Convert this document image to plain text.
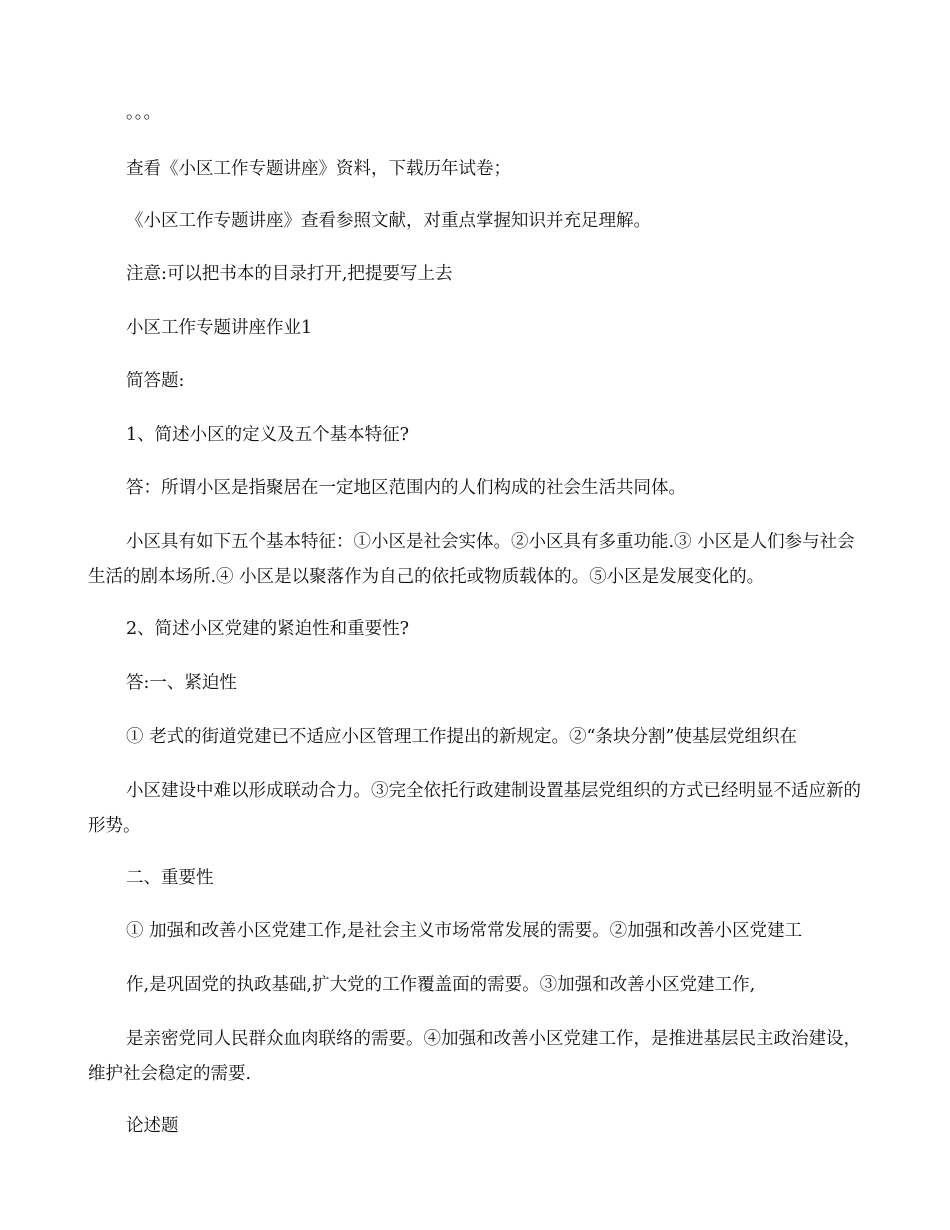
。。。

查看《小区工作专题讲座》资料，下载历年试卷；

《小区工作专题讲座》查看参照文献，对重点掌握知识并充足理解。

注意:可以把书本的目录打开,把提要写上去

小区工作专题讲座作业1

简答题:

1、简述小区的定义及五个基本特征?

答：所谓小区是指聚居在一定地区范围内的人们构成的社会生活共同体。

小区具有如下五个基本特征：①小区是社会实体。②小区具有多重功能.③ 小区是人们参与社会生活的剧本场所.④ 小区是以聚落作为自己的依托或物质载体的。⑤小区是发展变化的。

2、简述小区党建的紧迫性和重要性?

答:一、紧迫性

① 老式的街道党建已不适应小区管理工作提出的新规定。②“条块分割”使基层党组织在

小区建设中难以形成联动合力。③完全依托行政建制设置基层党组织的方式已经明显不适应新的形势。

二、重要性

① 加强和改善小区党建工作,是社会主义市场常常发展的需要。②加强和改善小区党建工

作,是巩固党的执政基础,扩大党的工作覆盖面的需要。③加强和改善小区党建工作,

是亲密党同人民群众血肉联络的需要。④加强和改善小区党建工作，是推进基层民主政治建设，维护社会稳定的需要.

论述题
